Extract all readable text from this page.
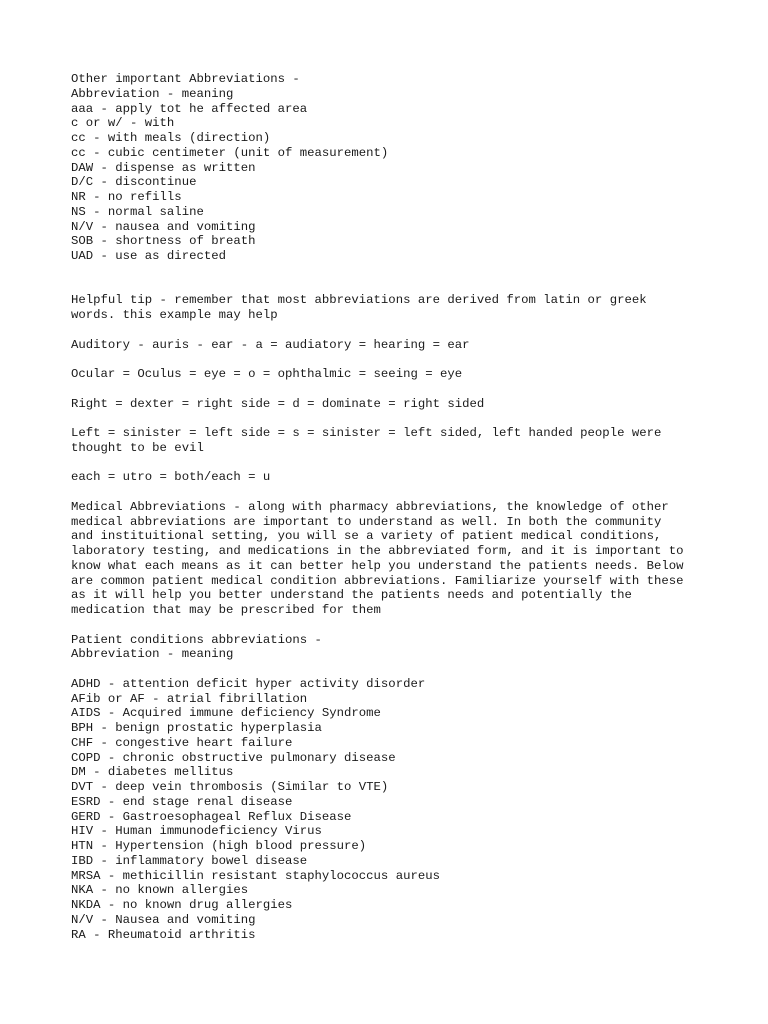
Other important Abbreviations -
Abbreviation - meaning
aaa - apply tot he affected area
c or w/ - with
cc - with meals (direction)
cc - cubic centimeter (unit of measurement)
DAW - dispense as written
D/C - discontinue
NR - no refills
NS - normal saline
N/V - nausea and vomiting
SOB - shortness of breath
UAD - use as directed
Helpful tip - remember that most abbreviations are derived from latin or greek
words. this example may help
Auditory - auris - ear - a = audiatory = hearing = ear
Ocular = Oculus = eye = o = ophthalmic = seeing = eye
Right = dexter = right side = d = dominate = right sided
Left = sinister = left side = s = sinister = left sided, left handed people were
thought to be evil
each = utro = both/each = u
Medical Abbreviations - along with pharmacy abbreviations, the knowledge of other
medical abbreviations are important to understand as well. In both the community
and instituitional setting, you will se a variety of patient medical conditions,
laboratory testing, and medications in the abbreviated form, and it is important to
know what each means as it can better help you understand the patients needs. Below
are common patient medical condition abbreviations. Familiarize yourself with these
as it will help you better understand the patients needs and potentially the
medication that may be prescribed for them
Patient conditions abbreviations -
Abbreviation - meaning
ADHD - attention deficit hyper activity disorder
AFib or AF - atrial fibrillation
AIDS - Acquired immune deficiency Syndrome
BPH - benign prostatic hyperplasia
CHF - congestive heart failure
COPD - chronic obstructive pulmonary disease
DM - diabetes mellitus
DVT - deep vein thrombosis (Similar to VTE)
ESRD - end stage renal disease
GERD - Gastroesophageal Reflux Disease
HIV - Human immunodeficiency Virus
HTN - Hypertension (high blood pressure)
IBD - inflammatory bowel disease
MRSA - methicillin resistant staphylococcus aureus
NKA - no known allergies
NKDA - no known drug allergies
N/V - Nausea and vomiting
RA - Rheumatoid arthritis
